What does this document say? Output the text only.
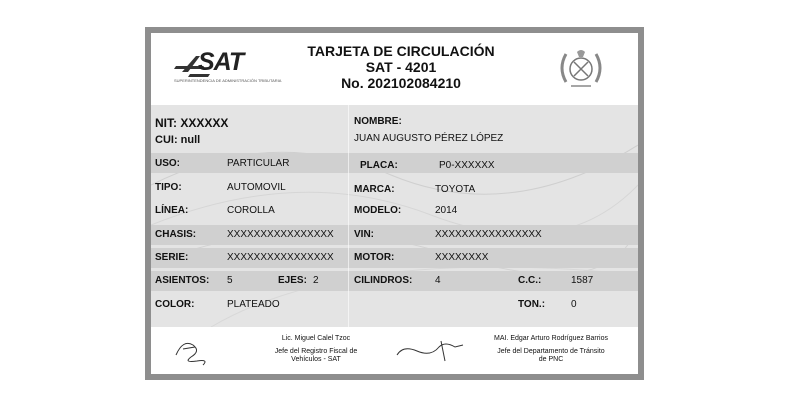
SAT
SUPERINTENDENCIA DE ADMINISTRACIÓN TRIBUTARIA
TARJETA DE CIRCULACIÓN
SAT - 4201
No. 202102084210
NIT: XXXXXX
CUI: null
NOMBRE:
JUAN AUGUSTO PÉREZ LÓPEZ
USO:	PARTICULAR	PLACA:	P0-XXXXXX
TIPO:	AUTOMOVIL	MARCA:	TOYOTA
LÍNEA:	COROLLA	MODELO:	2014
CHASIS:	XXXXXXXXXXXXXXXX VIN:	XXXXXXXXXXXXXXXX
SERIE:	XXXXXXXXXXXXXXXX MOTOR:	XXXXXXXX
ASIENTOS: 5	EJES: 2	CILINDROS: 4	C.C.:	1587
COLOR:	PLATEADO	TON.:	0
Lic. Miguel Calel Tzoc
Jefe del Registro Fiscal de
Vehículos - SAT
MAI. Edgar Arturo Rodríguez Barrios
Jefe del Departamento de Tránsito
de PNC
